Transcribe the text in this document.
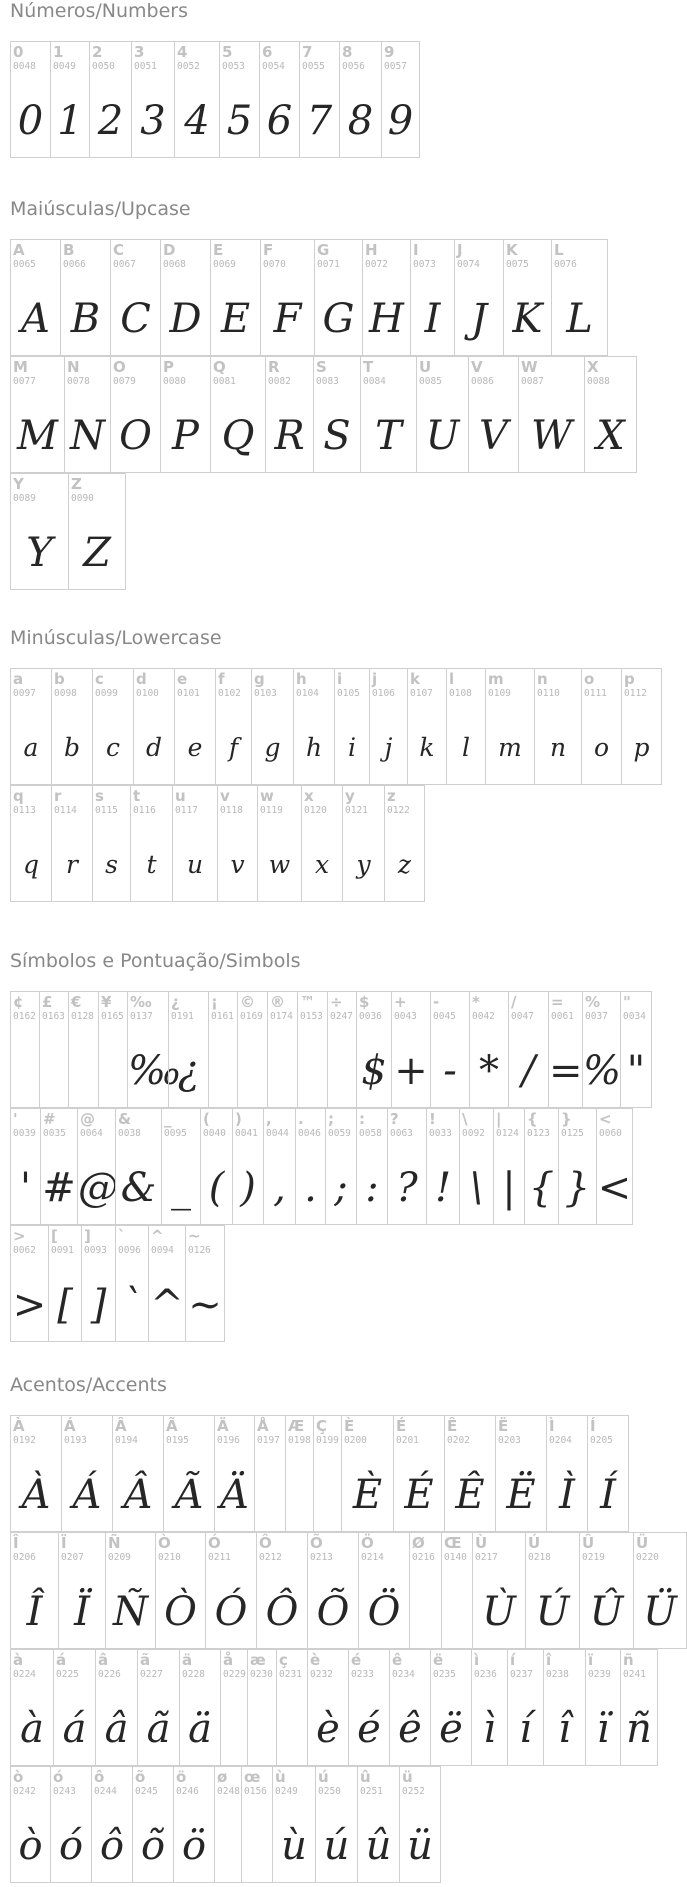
Números/Numbers
0
0048
0
1
0049
1
2
0050
2
3
0051
3
4
0052
4
5
0053
5
6
0054
6
7
0055
7
8
0056
8
9
0057
9
Maiúsculas/Upcase
A
0065
A
B
0066
B
C
0067
C
D
0068
D
E
0069
E
F
0070
F
G
0071
G
H
0072
H
I
0073
I
J
0074
J
K
0075
K
L
0076
L
M
0077
M
N
0078
N
O
0079
O
P
0080
P
Q
0081
Q
R
0082
R
S
0083
S
T
0084
T
U
0085
U
V
0086
V
W
0087
W
X
0088
X
Y
0089
Y
Z
0090
Z
Minúsculas/Lowercase
a
0097
a
b
0098
b
c
0099
c
d
0100
d
e
0101
e
f
0102
f
g
0103
g
h
0104
h
i
0105
i
j
0106
j
k
0107
k
l
0108
l
m
0109
m
n
0110
n
o
0111
o
p
0112
p
q
0113
q
r
0114
r
s
0115
s
t
0116
t
u
0117
u
v
0118
v
w
0119
w
x
0120
x
y
0121
y
z
0122
z
Símbolos e Pontuação/Simbols
¢
0162
£
0163
€
0128
¥
0165
‰
0137
‰
¿
0191
¿
¡
0161
©
0169
®
0174
™
0153
÷
0247
$
0036
$
+
0043
+
-
0045
-
*
0042
*
/
0047
/
=
0061
=
%
0037
%
"
0034
"
'
0039
'
#
0035
#
@
0064
@
&
0038
&
_
0095
_
(
0040
(
)
0041
)
,
0044
,
.
0046
.
;
0059
;
:
0058
:
?
0063
?
!
0033
!
\
0092
\
|
0124
|
{
0123
{
}
0125
}
<
0060
<
>
0062
>
[
0091
[
]
0093
]
`
0096
`
^
0094
^
~
0126
~
Acentos/Accents
À
0192
À
Á
0193
Á
Â
0194
Â
Ã
0195
Ã
Ä
0196
Ä
Å
0197
Æ
0198
Ç
0199
È
0200
È
É
0201
É
Ê
0202
Ê
Ë
0203
Ë
Ì
0204
Ì
Í
0205
Í
Î
0206
Î
Ï
0207
Ï
Ñ
0209
Ñ
Ò
0210
Ò
Ó
0211
Ó
Ô
0212
Ô
Õ
0213
Õ
Ö
0214
Ö
Ø
0216
Œ
0140
Ù
0217
Ù
Ú
0218
Ú
Û
0219
Û
Ü
0220
Ü
à
0224
à
á
0225
á
â
0226
â
ã
0227
ã
ä
0228
ä
å
0229
æ
0230
ç
0231
è
0232
è
é
0233
é
ê
0234
ê
ë
0235
ë
ì
0236
ì
í
0237
í
î
0238
î
ï
0239
ï
ñ
0241
ñ
ò
0242
ò
ó
0243
ó
ô
0244
ô
õ
0245
õ
ö
0246
ö
ø
0248
œ
0156
ù
0249
ù
ú
0250
ú
û
0251
û
ü
0252
ü
